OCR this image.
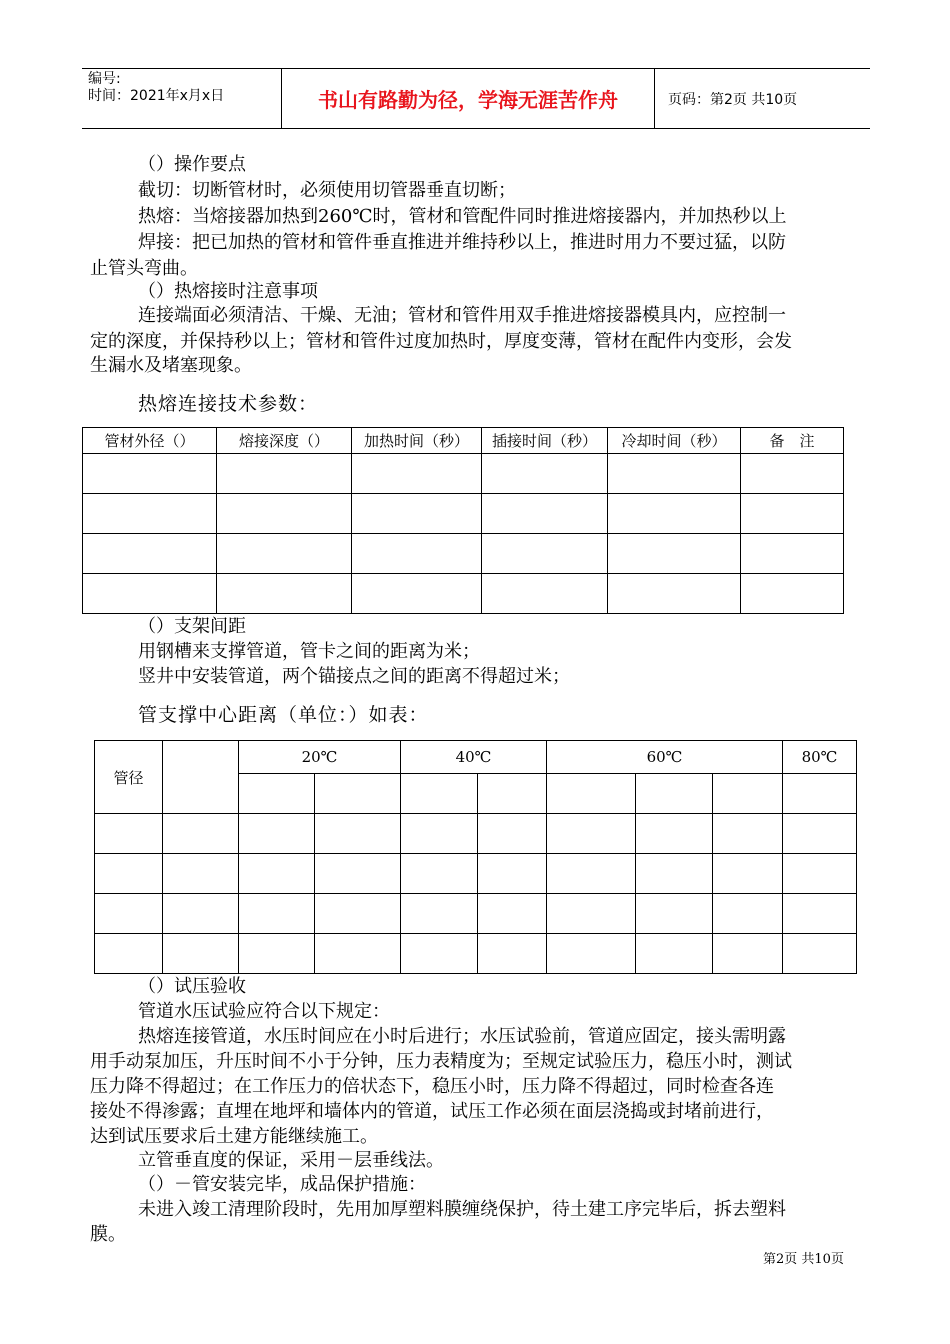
编号:
时间：2021年x月x日	书山有路勤为径，学海无涯苦作舟	页码：第2页 共10页
（）操作要点
截切：切断管材时，必须使用切管器垂直切断；
热熔：当熔接器加热到260℃时，管材和管配件同时推进熔接器内，并加热秒以上
焊接：把已加热的管材和管件垂直推进并维持秒以上，推进时用力不要过猛，以防
止管头弯曲。
（）热熔接时注意事项
连接端面必须清洁、干燥、无油；管材和管件用双手推进熔接器模具内，应控制一
定的深度，并保持秒以上；管材和管件过度加热时，厚度变薄，管材在配件内变形，会发
生漏水及堵塞现象。
热熔连接技术参数：
管材外径（）	熔接深度（）	加热时间（秒）	插接时间（秒）	冷却时间（秒）	备　注

（）支架间距
用钢槽来支撑管道，管卡之间的距离为米；
竖井中安装管道，两个锚接点之间的距离不得超过米；
管支撑中心距离（单位：）如表：
管径		20℃		40℃		60℃			80℃

（）试压验收
管道水压试验应符合以下规定：
热熔连接管道，水压时间应在小时后进行；水压试验前，管道应固定，接头需明露
用手动泵加压，升压时间不小于分钟，压力表精度为；至规定试验压力，稳压小时，测试
压力降不得超过；在工作压力的倍状态下，稳压小时，压力降不得超过，同时检查各连
接处不得渗露；直埋在地坪和墙体内的管道，试压工作必须在面层浇捣或封堵前进行，
达到试压要求后土建方能继续施工。
立管垂直度的保证，采用－层垂线法。
（）－管安装完毕，成品保护措施：
未进入竣工清理阶段时，先用加厚塑料膜缠绕保护，待土建工序完毕后，拆去塑料
膜。
第2页 共10页
